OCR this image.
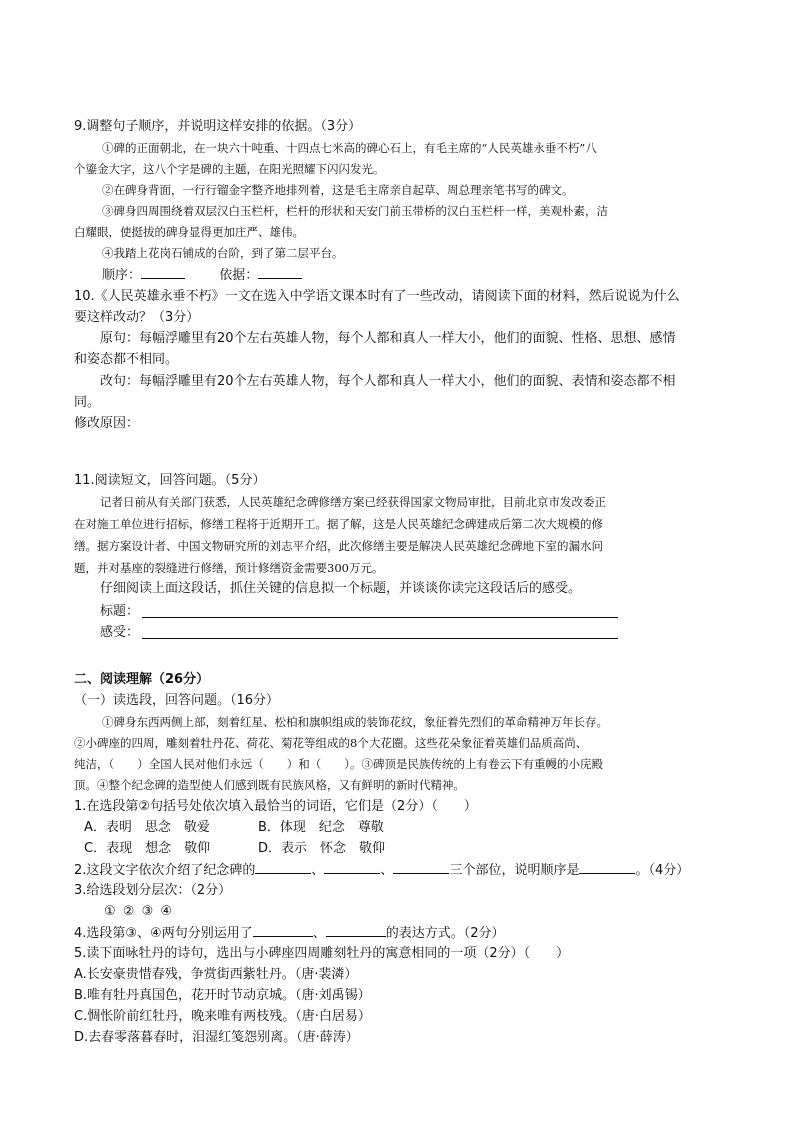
9.调整句子顺序，并说明这样安排的依据。（3分）
①碑的正面朝北，在一块六十吨重、十四点七米高的碑心石上，有毛主席的“人民英雄永垂不朽”八
个鎏金大字，这八个字是碑的主题，在阳光照耀下闪闪发光。
②在碑身背面，一行行镏金字整齐地排列着，这是毛主席亲自起草、周总理亲笔书写的碑文。
③碑身四周围绕着双层汉白玉栏杆，栏杆的形状和天安门前玉带桥的汉白玉栏杆一样，美观朴素，洁
白耀眼，使挺拔的碑身显得更加庄严、雄伟。
④我踏上花岗石铺成的台阶，到了第二层平台。
顺序：	依据：
10.《人民英雄永垂不朽》一文在选入中学语文课本时有了一些改动，请阅读下面的材料，然后说说为什么
要这样改动？（3分）
原句：每幅浮雕里有20个左右英雄人物，每个人都和真人一样大小，他们的面貌、性格、思想、感情
和姿态都不相同。
改句：每幅浮雕里有20个左右英雄人物，每个人都和真人一样大小，他们的面貌、表情和姿态都不相
同。
修改原因：
11.阅读短文，回答问题。（5分）
记者日前从有关部门获悉，人民英雄纪念碑修缮方案已经获得国家文物局审批，目前北京市发改委正
在对施工单位进行招标，修缮工程将于近期开工。据了解，这是人民英雄纪念碑建成后第二次大规模的修
缮。据方案设计者、中国文物研究所的刘志平介绍，此次修缮主要是解决人民英雄纪念碑地下室的漏水问
题，并对基座的裂缝进行修缮，预计修缮资金需要300万元。
仔细阅读上面这段话，抓住关键的信息拟一个标题，并谈谈你读完这段话后的感受。
标题：
感受：
二、阅读理解（26分）
（一）读选段，回答问题。（16分）
①碑身东西两侧上部，刻着红星、松柏和旗帜组成的装饰花纹，象征着先烈们的革命精神万年长存。
②小碑座的四周，雕刻着牡丹花、荷花、菊花等组成的8个大花圈。这些花朵象征着英雄们品质高尚、
纯洁，（　　）全国人民对他们永远（　　）和（　　）。③碑顶是民族传统的上有卷云下有重幔的小庑殿
顶。④整个纪念碑的造型使人们感到既有民族风格，又有鲜明的新时代精神。
1.在选段第②句括号处依次填入最恰当的词语，它们是（2分）（　　）
A．表明　思念　敬爱	B．体现　纪念　尊敬
C．表现　想念　敬仰	D．表示　怀念　敬仰
2.这段文字依次介绍了纪念碑的	、	、	三个部位，说明顺序是	。（4分）
3.给选段划分层次：（2分）
① ② ③ ④
4.选段第③、④两句分别运用了	、	的表达方式。（2分）
5.读下面咏牡丹的诗句，选出与小碑座四周雕刻牡丹的寓意相同的一项（2分）（　　）
A.长安豪贵惜春残，争赏街西紫牡丹。（唐·裴潾）
B.唯有牡丹真国色，花开时节动京城。（唐·刘禹锡）
C.惆怅阶前红牡丹，晚来唯有两枝残。（唐·白居易）
D.去春零落暮春时，泪湿红笺怨别离。（唐·薛涛）
